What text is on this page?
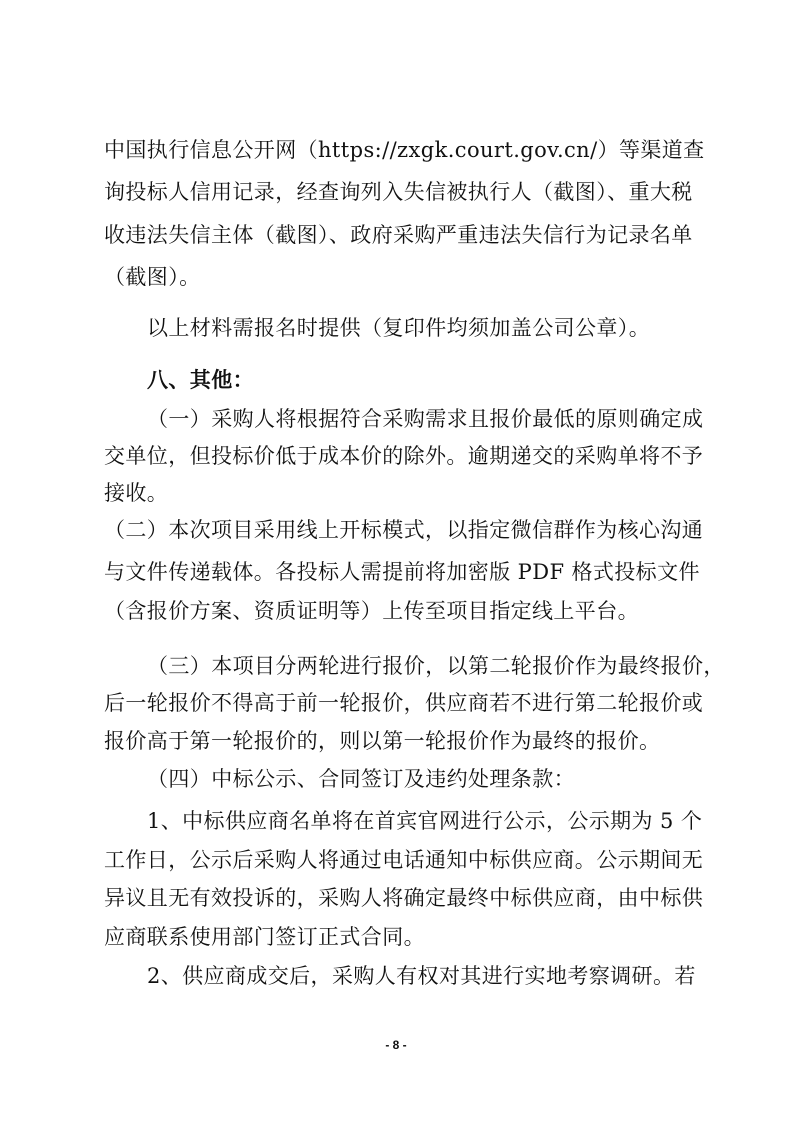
中国执行信息公开网（https://zxgk.court.gov.cn/）等渠道查
询投标人信用记录，经查询列入失信被执行人（截图）、重大税
收违法失信主体（截图）、政府采购严重违法失信行为记录名单
（截图）。
以上材料需报名时提供（复印件均须加盖公司公章）。
八、其他：
（一）采购人将根据符合采购需求且报价最低的原则确定成
交单位，但投标价低于成本价的除外。逾期递交的采购单将不予
接收。
（二）本次项目采用线上开标模式，以指定微信群作为核心沟通
与文件传递载体。各投标人需提前将加密版 PDF 格式投标文件
（含报价方案、资质证明等）上传至项目指定线上平台。
（三）本项目分两轮进行报价，以第二轮报价作为最终报价，
后一轮报价不得高于前一轮报价，供应商若不进行第二轮报价或
报价高于第一轮报价的，则以第一轮报价作为最终的报价。
（四）中标公示、合同签订及违约处理条款：
1、中标供应商名单将在首宾官网进行公示，公示期为 5 个
工作日，公示后采购人将通过电话通知中标供应商。公示期间无
异议且无有效投诉的，采购人将确定最终中标供应商，由中标供
应商联系使用部门签订正式合同。
2、供应商成交后，采购人有权对其进行实地考察调研。若
- 8 -
